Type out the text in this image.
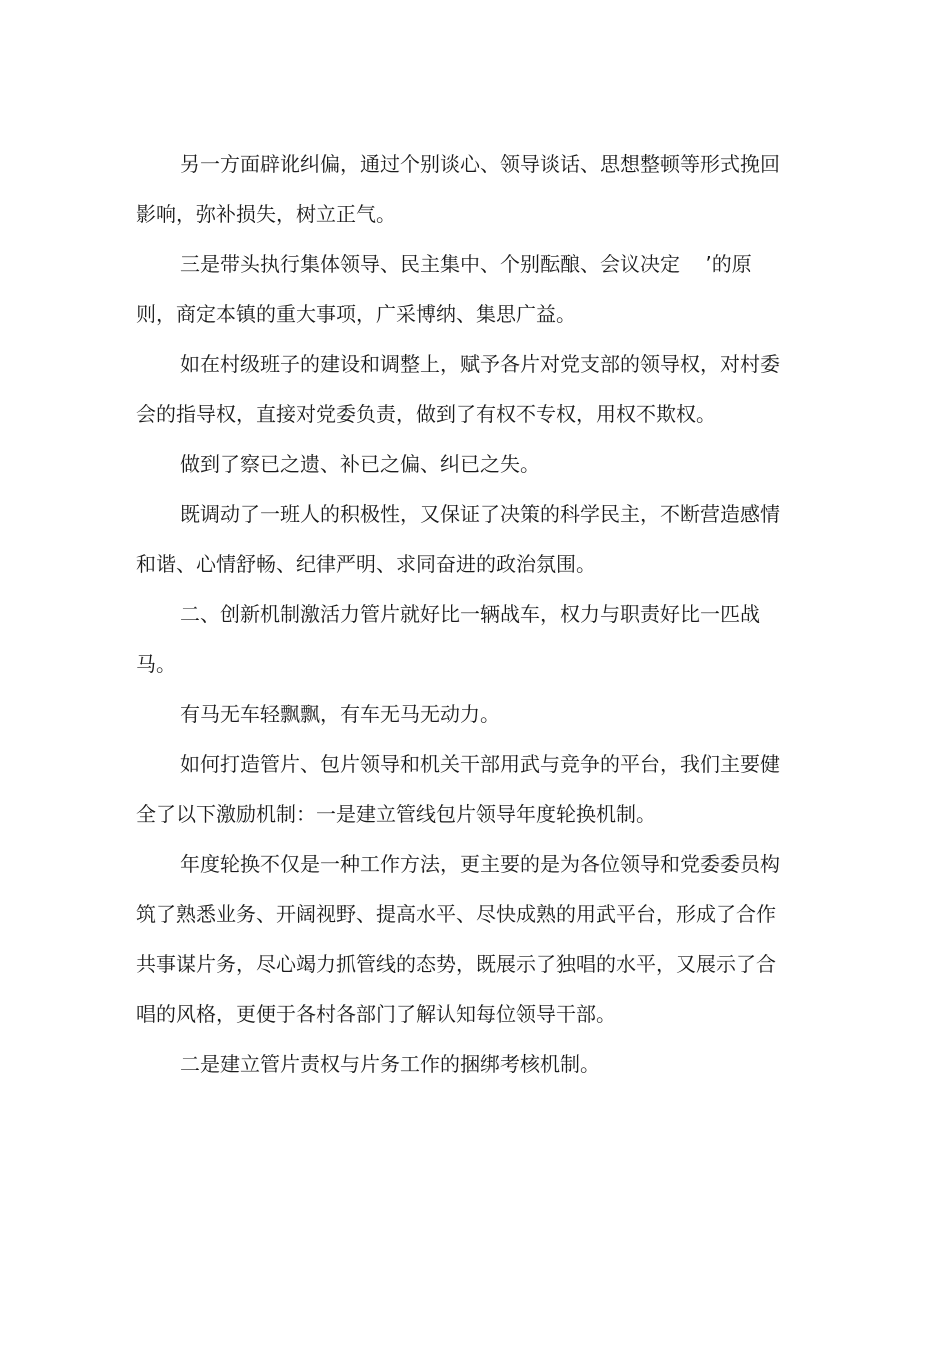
另一方面辟讹纠偏，通过个别谈心、领导谈话、思想整顿等形式挽回影响，弥补损失，树立正气。

三是带头执行集体领导、民主集中、个别酝酿、会议决定    ’的原则，商定本镇的重大事项，广采博纳、集思广益。

如在村级班子的建设和调整上，赋予各片对党支部的领导权，对村委会的指导权，直接对党委负责，做到了有权不专权，用权不欺权。

做到了察已之遗、补已之偏、纠已之失。

既调动了一班人的积极性，又保证了决策的科学民主，不断营造感情和谐、心情舒畅、纪律严明、求同奋进的政治氛围。

二、创新机制激活力管片就好比一辆战车，权力与职责好比一匹战马。

有马无车轻飘飘，有车无马无动力。

如何打造管片、包片领导和机关干部用武与竞争的平台，我们主要健全了以下激励机制：一是建立管线包片领导年度轮换机制。

年度轮换不仅是一种工作方法，更主要的是为各位领导和党委委员构筑了熟悉业务、开阔视野、提高水平、尽快成熟的用武平台，形成了合作共事谋片务，尽心竭力抓管线的态势，既展示了独唱的水平，又展示了合唱的风格，更便于各村各部门了解认知每位领导干部。

二是建立管片责权与片务工作的捆绑考核机制。
